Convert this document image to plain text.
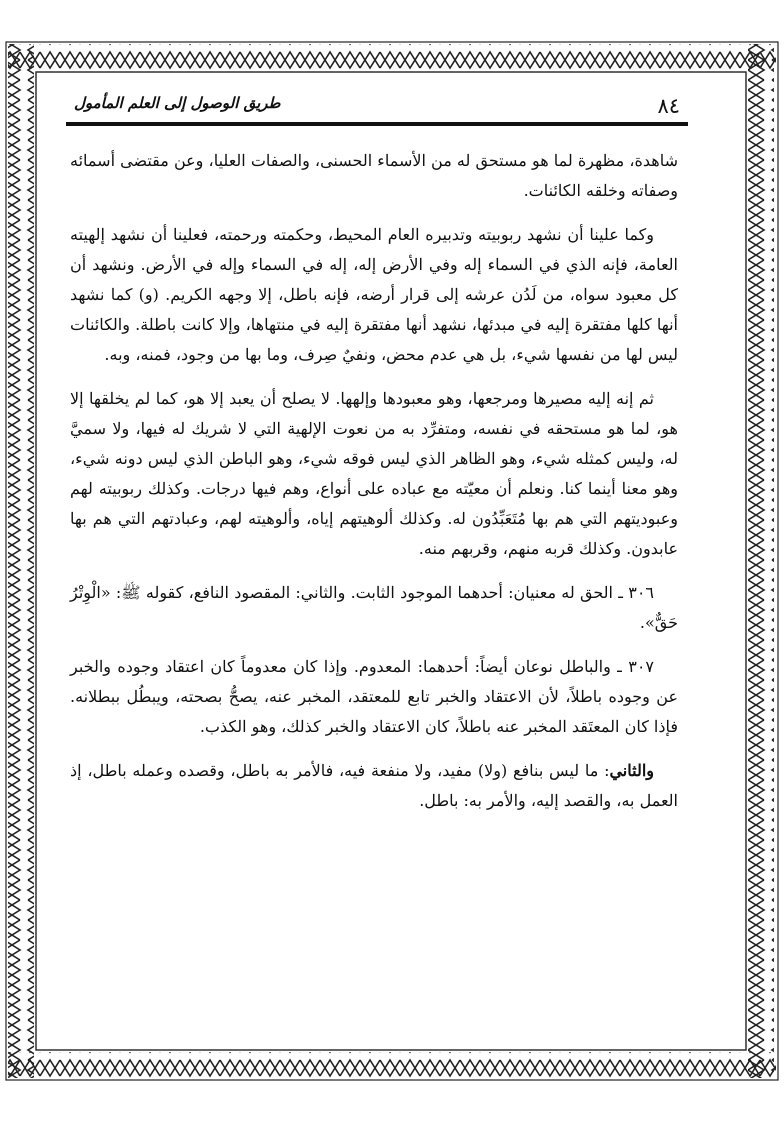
طريق الوصول إلى العلم المأمول	٨٤

شاهدة، مظهرة لما هو مستحق له من الأسماء الحسنى، والصفات العليا، وعن مقتضى أسمائه وصفاته وخلقه الكائنات.

وكما علينا أن نشهد ربوبيته وتدبيره العام المحيط، وحكمته ورحمته، فعلينا أن نشهد إلهيته العامة، فإنه الذي في السماء إله وفي الأرض إله، إله في السماء وإله في الأرض. ونشهد أن كل معبود سواه، من لَدُن عرشه إلى قرار أرضه، فإنه باطل، إلا وجهه الكريم. (و) كما نشهد أنها كلها مفتقرة إليه في مبدئها، نشهد أنها مفتقرة إليه في منتهاها، وإلا كانت باطلة. والكائنات ليس لها من نفسها شيء، بل هي عدم محض، ونفيٌ صِرف، وما بها من وجود، فمنه، وبه.

ثم إنه إليه مصيرها ومرجعها، وهو معبودها وإلهها. لا يصلح أن يعبد إلا هو، كما لم يخلقها إلا هو، لما هو مستحقه في نفسه، ومتفرِّد به من نعوت الإلهية التي لا شريك له فيها، ولا سميَّ له، وليس كمثله شيء، وهو الظاهر الذي ليس فوقه شيء، وهو الباطن الذي ليس دونه شيء، وهو معنا أينما كنا. ونعلم أن معيّته مع عباده على أنواع، وهم فيها درجات. وكذلك ربوبيته لهم وعبوديتهم التي هم بها مُتَعَبِّدُون له. وكذلك ألوهيتهم إياه، وألوهيته لهم، وعبادتهم التي هم بها عابدون. وكذلك قربه منهم، وقربهم منه.

٣٠٦ ـ الحق له معنيان: أحدهما الموجود الثابت. والثاني: المقصود النافع، كقوله ﷺ: «الْوِتْرُ حَقٌّ».

٣٠٧ ـ والباطل نوعان أيضاً: أحدهما: المعدوم. وإذا كان معدوماً كان اعتقاد وجوده والخبر عن وجوده باطلاً، لأن الاعتقاد والخبر تابع للمعتقد، المخبر عنه، يصحُّ بصحته، ويبطُل ببطلانه. فإذا كان المعتَقد المخبر عنه باطلاً، كان الاعتقاد والخبر كذلك، وهو الكذب.

والثاني: ما ليس بنافع (ولا) مفيد، ولا منفعة فيه، فالأمر به باطل، وقصده وعمله باطل، إذ العمل به، والقصد إليه، والأمر به: باطل.
